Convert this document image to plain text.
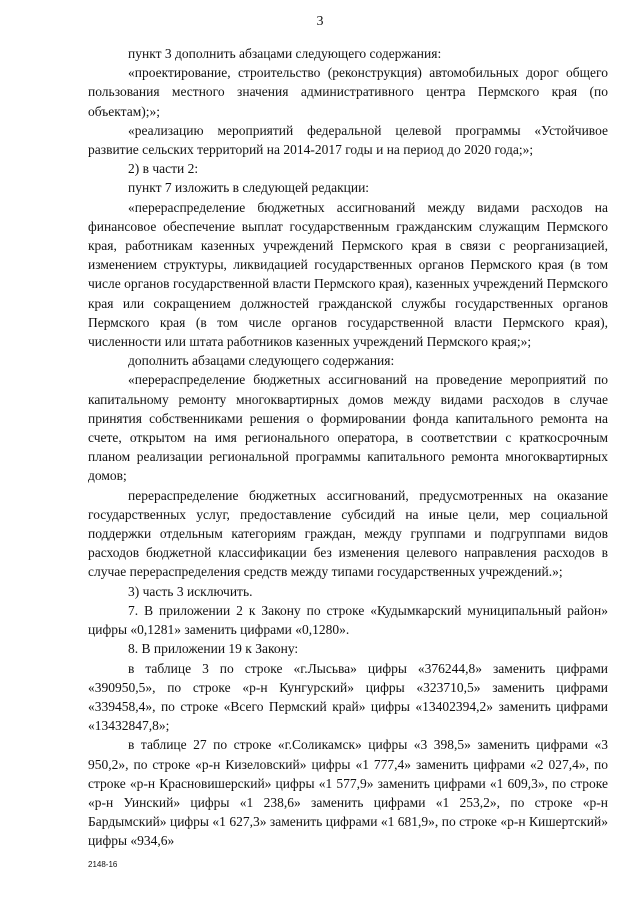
3

пункт 3 дополнить абзацами следующего содержания:

«проектирование, строительство (реконструкция) автомобильных дорог общего пользования местного значения административного центра Пермского края (по объектам);»;

«реализацию мероприятий федеральной целевой программы «Устойчивое развитие сельских территорий на 2014-2017 годы и на период до 2020 года;»;

2) в части 2:

пункт 7 изложить в следующей редакции:

«перераспределение бюджетных ассигнований между видами расходов на финансовое обеспечение выплат государственным гражданским служащим Пермского края, работникам казенных учреждений Пермского края в связи с реорганизацией, изменением структуры, ликвидацией государственных органов Пермского края (в том числе органов государственной власти Пермского края), казенных учреждений Пермского края или сокращением должностей гражданской службы государственных органов Пермского края (в том числе органов государственной власти Пермского края), численности или штата работников казенных учреждений Пермского края;»;

дополнить абзацами следующего содержания:

«перераспределение бюджетных ассигнований на проведение мероприятий по капитальному ремонту многоквартирных домов между видами расходов в случае принятия собственниками решения о формировании фонда капитального ремонта на счете, открытом на имя регионального оператора, в соответствии с краткосрочным планом реализации региональной программы капитального ремонта многоквартирных домов;

перераспределение бюджетных ассигнований, предусмотренных на оказание государственных услуг, предоставление субсидий на иные цели, мер социальной поддержки отдельным категориям граждан, между группами и подгруппами видов расходов бюджетной классификации без изменения целевого направления расходов в случае перераспределения средств между типами государственных учреждений.»;

3) часть 3 исключить.

7. В приложении 2 к Закону по строке «Кудымкарский муниципальный район» цифры «0,1281» заменить цифрами «0,1280».

8. В приложении 19 к Закону:

в таблице 3 по строке «г.Лысьва» цифры «376244,8» заменить цифрами «390950,5», по строке «р-н Кунгурский» цифры «323710,5» заменить цифрами «339458,4», по строке «Всего Пермский край» цифры «13402394,2» заменить цифрами «13432847,8»;

в таблице 27 по строке «г.Соликамск» цифры «3 398,5» заменить цифрами «3 950,2», по строке «р-н Кизеловский» цифры «1 777,4» заменить цифрами «2 027,4», по строке «р-н Красновишерский» цифры «1 577,9» заменить цифрами «1 609,3», по строке «р-н Уинский» цифры «1 238,6» заменить цифрами «1 253,2», по строке «р-н Бардымский» цифры «1 627,3» заменить цифрами «1 681,9», по строке «р-н Кишертский» цифры «934,6»

2148-16
